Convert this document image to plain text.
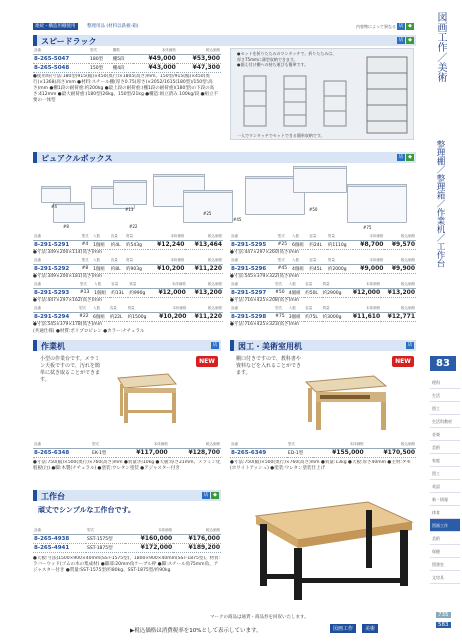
連続・構造用棚使用	整理用品 (材料以鉄板-箱)	内容物によって異なる 店 ◆
スピードラック	店 ◆
品番	型式	棚数	本体価格	税込価格
8-265-5047	180型	棚5段	¥49,000	¥53,900
8-265-5048	150型	棚4段	¥43,000	¥47,300
●使用時(寸法:180型)915(幅)×450(奥行)×1805(高さ)mm、150型/915(幅)×450(奥行)×1368(高さ)mm ●材料:スチール棚(厚さ0.75(厚さ)×2052/1615(180型)/150型:高さ)mm ●棚1段の耐荷重:約200kg ●最上段の耐荷重:(棚1段の耐荷重)(180型)の下段の高さ:412mm ●最大耐荷重:(180型)26kg、150型/21kg ●構造:組立済み 100kg/段 ●組立不要の一体型
●セットを折りたたみのワンタッチで、折りたたみは、
厚さ75mmに薄型収納できます。
●据え付け棚への持ち運びも簡単です。
一人でワンタッチでセットできる簡単収納です。
ピュアクルボックス	店 ◆
#4
#8
#13
#22
#25
#45
#50
#75
品番	型式	入数	容量	質量	本体価格	税込価格
8-291-5291	#4	1個組	約4L	約543g	¥12,240	¥13,464
●寸法:349×200×114(高さ)mm
品番	型式	入数	容量	質量	本体価格	税込価格
8-291-5292	#8	1個組	約8L	約903g	¥10,200	¥11,220
●寸法:349×200×181(高さ)mm
品番	型式	入数	容量	質量	本体価格	税込価格
8-291-5293	#13	1個組	約13L	約990g	¥12,000	¥13,200
●寸法:447×297×162(高さ)mm
品番	型式	入数	容量	質量	本体価格	税込価格
8-291-5294	#22	6個組	約22L	約1500g	¥10,200	¥11,220
●寸法:545×379×178(高さ)mm
(共通仕様) ●材質:ポリプロピレン ●カラー:ナチュラル
品番	型式	入数	容量	質量	本体価格	税込価格
8-291-5295	#25	6個組	約24L	約1110g	¥8,700	¥9,570
●寸法:447×297×260(高さ)mm
品番	型式	入数	容量	質量	本体価格	税込価格
8-291-5296	#45	4個組	約45L	約2000g	¥9,000	¥9,900
●寸法:545×379×322(高さ)mm
品番	型式	入数	容量	質量	本体価格	税込価格
8-291-5297	#50	4個組	約50L	約2900g	¥12,000	¥13,200
●寸法:716×425×208(高さ)mm
品番	型式	入数	容量	質量	本体価格	税込価格
8-291-5298	#75	3個組	約75L	約3000g	¥11,610	¥12,771
●寸法:716×425×323(高さ)mm
作業机	店
小型の作業台です。メラミン天板ですので、汚れを簡単に拭き取ることができます。
NEW
品番	型式	本体価格	税込価格
8-265-6348	EK-1型	¥117,000	¥128,700
●寸法:750(幅)×500(奥行)×760(高さ)mm ●質量:約10kg ●天板:厚さ21mm、メラミン化粧板(白) ●脚:木製(ナチュラル) ●塗装:ウレタン塗装 ●アジャスター付き
図工・美術室用机	店
棚口付きですので、教科書や資料などを入れることができます。
NEW
品番	型式	本体価格	税込価格
8-265-6349	ED-1型	¥155,000	¥170,500
●寸法:750(幅)×500(奥行)×760(高さ)mm ●質量:13kg ●天板:厚さ40mm ●主材:タモ(ホワイトアッシュ) ●塗装:ウレタン塗装仕上げ
工作台	店 ◆
頑丈でシンプルな工作台です。
品番	型式	本体価格	税込価格
8-265-4938	SST-1575型	¥160,000	¥176,000
8-265-4941	SST-1875型	¥172,000	¥189,200
●天板:寸法(1500×900×40mm(SST-1575型)、1800×900×40mm(SST-1875型)、材質:ラバーウッド(ゴムの木の集成材) ●脚部:20mm角ケーブル枠 ●脚:スチール角75mm角、アジャスター付き ●質量:SST-1575型/約80kg、SST-1875型/約90kg
マークの商品は通貨・商品券を回収いたします。
▶税込価格は消費税率を10%として表示しています。	図画工作	美術
図画工作／美術
整理棚／整理箱／作業机／工作台
83
理科
生活
図工
生活科教材
音楽
美術
家庭
図工
英語
新・情報
体育
図画工作
美術
保健
図書室
文房具
735
583
